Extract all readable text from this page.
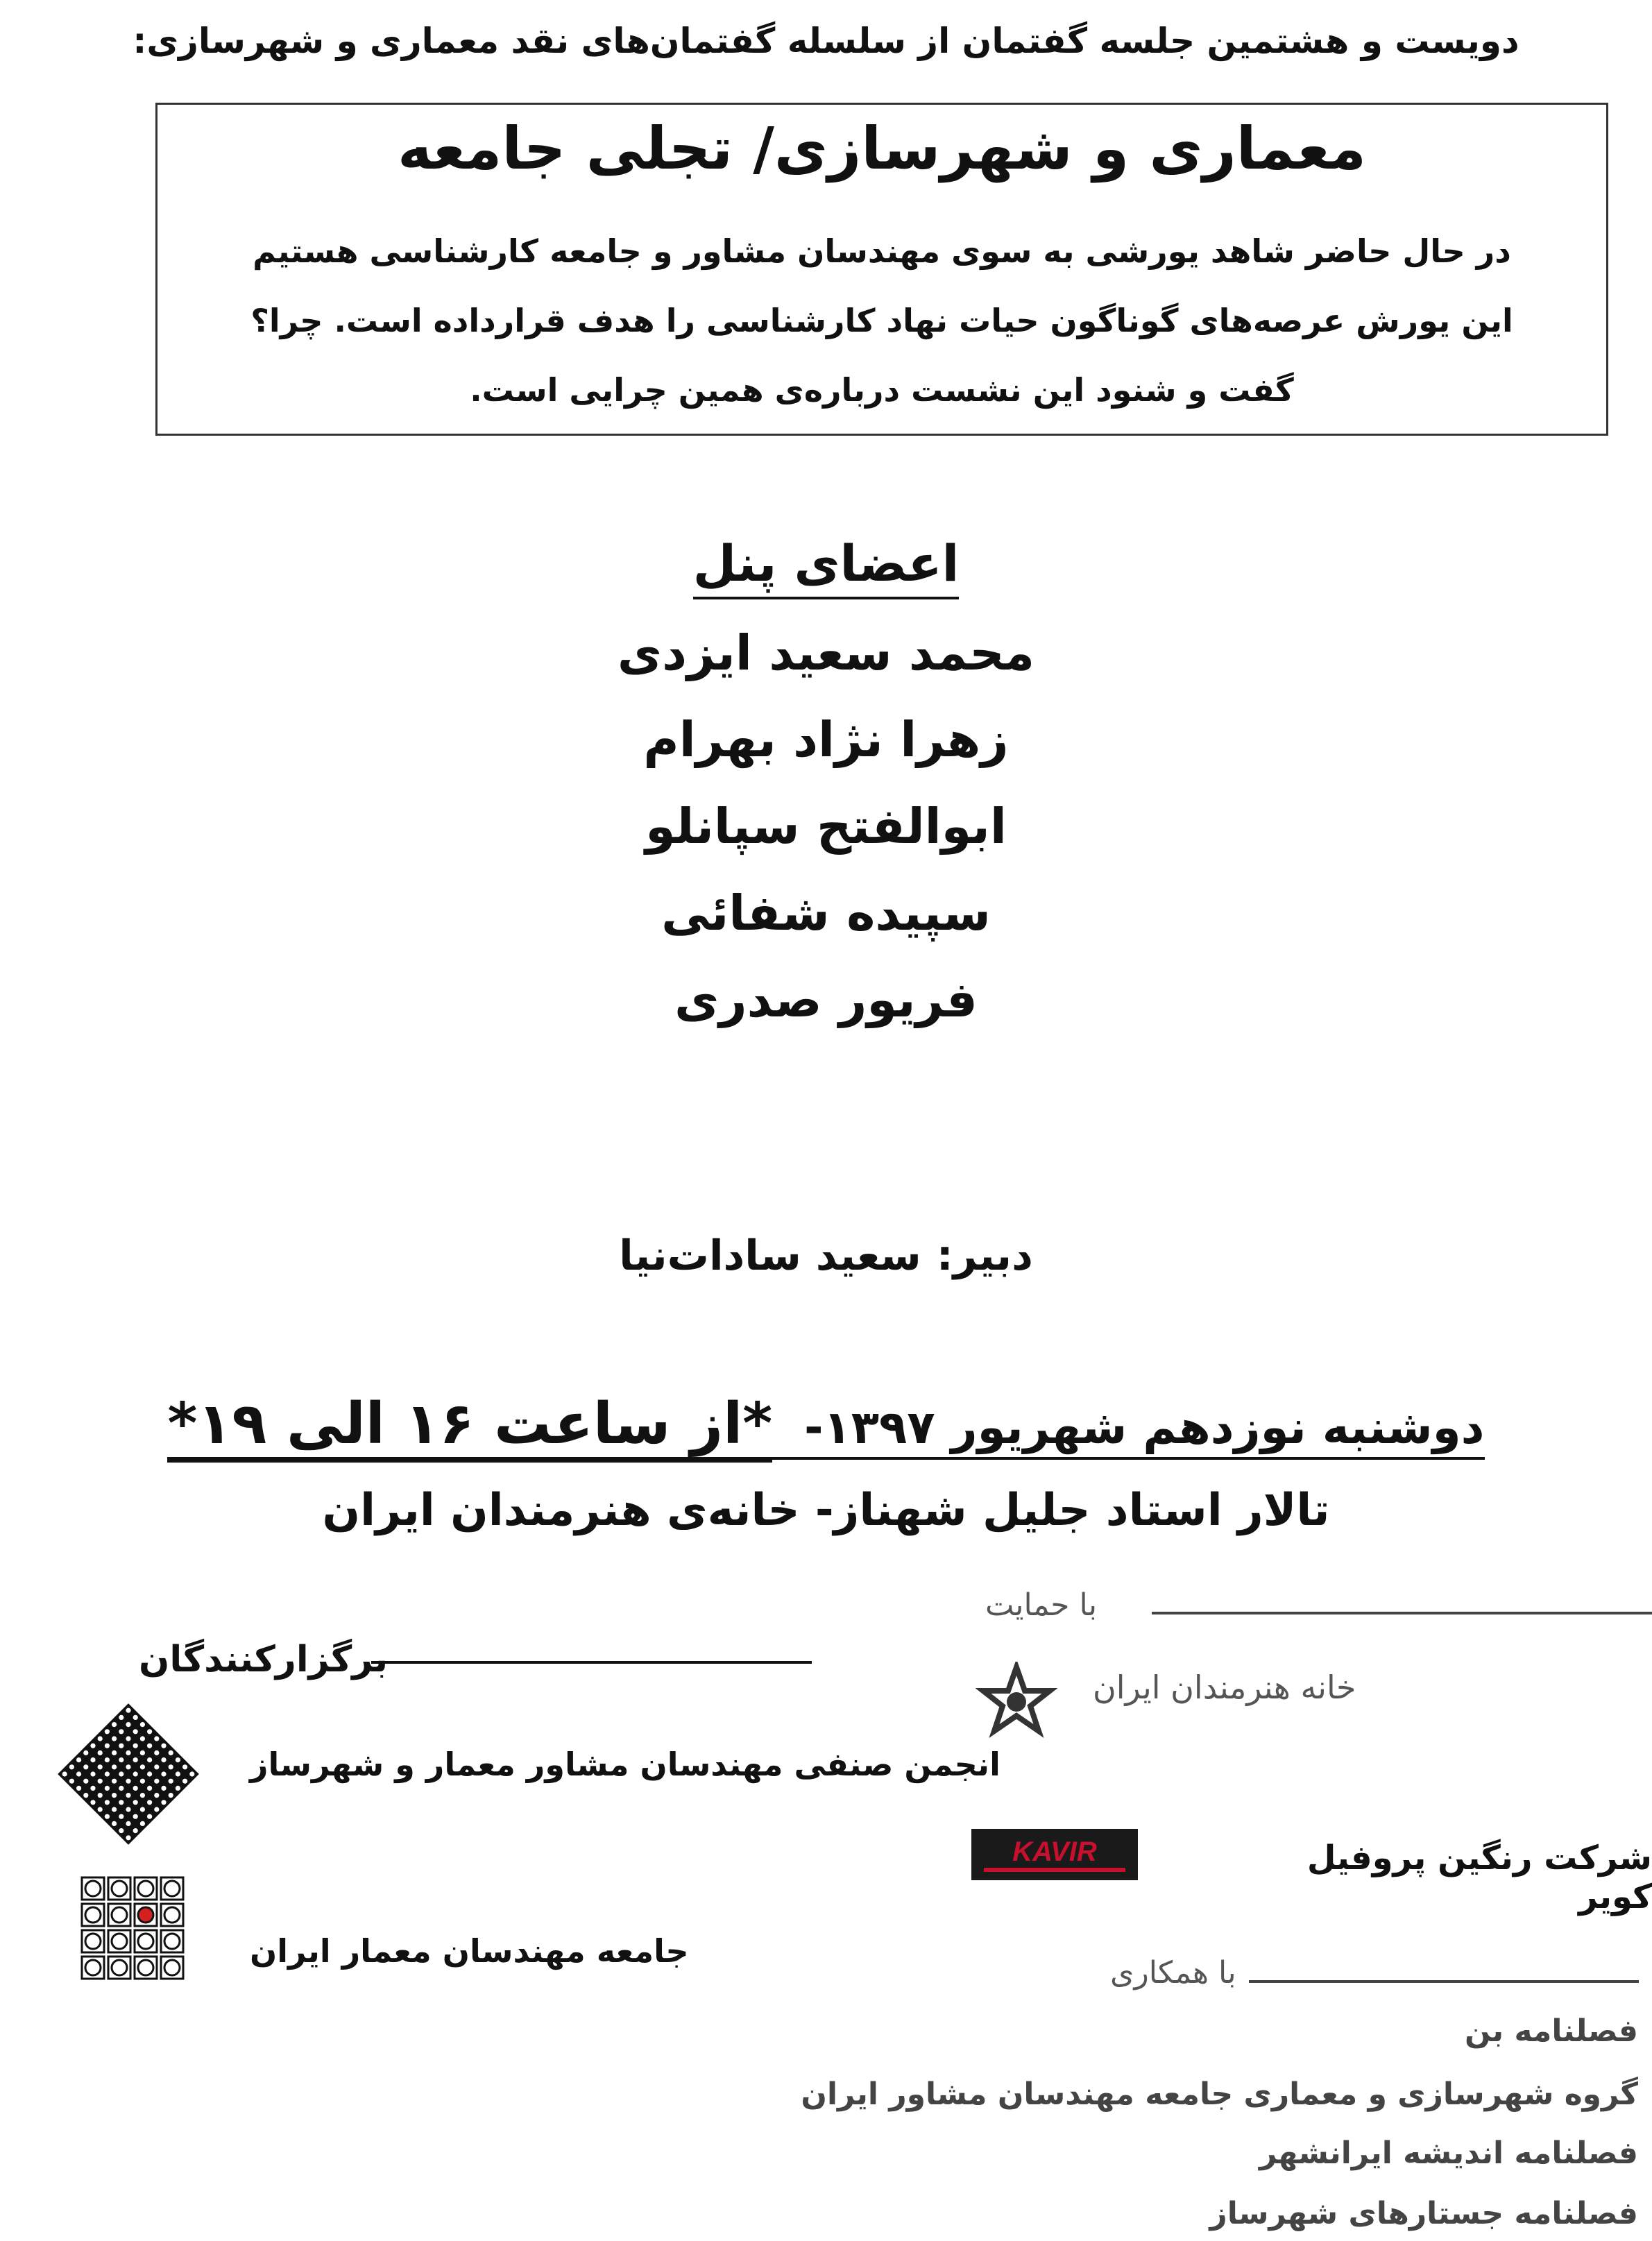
دویست و هشتمین جلسه گفتمان از سلسله گفتمان‌های نقد معماری و شهرسازی:
معماری و شهرسازی/ تجلی جامعه
در حال حاضر شاهد یورشی به سوی مهندسان مشاور و جامعه کارشناسی هستیم
این یورش عرصه‌های گوناگون حیات نهاد کارشناسی را هدف قرارداده است. چرا؟
گفت و شنود این نشست درباره‌ی همین چرایی است.
اعضای پنل
محمد سعید ایزدی
زهرا نژاد بهرام
ابوالفتح سپانلو
سپیده شفائی
فریور صدری
دبیر:سعید سادات‌نیا
دوشنبه نوزدهم شهریور ۱۳۹۷-  *از ساعت ۱۶ الی ۱۹*
تالار استاد جلیل شهناز- خانه‌ی هنرمندان ایران
برگزارکنندگان
انجمن صنفی مهندسان مشاور معمار و شهرساز
جامعه مهندسان معمار ایران
با حمایت
خانه هنرمندان ایران
KAVIR	شرکت رنگین پروفیل کویر
با همکاری
فصلنامه بن
گروه شهرسازی و معماری جامعه مهندسان مشاور ایران
فصلنامه اندیشه ایرانشهر
فصلنامه جستارهای شهرساز
